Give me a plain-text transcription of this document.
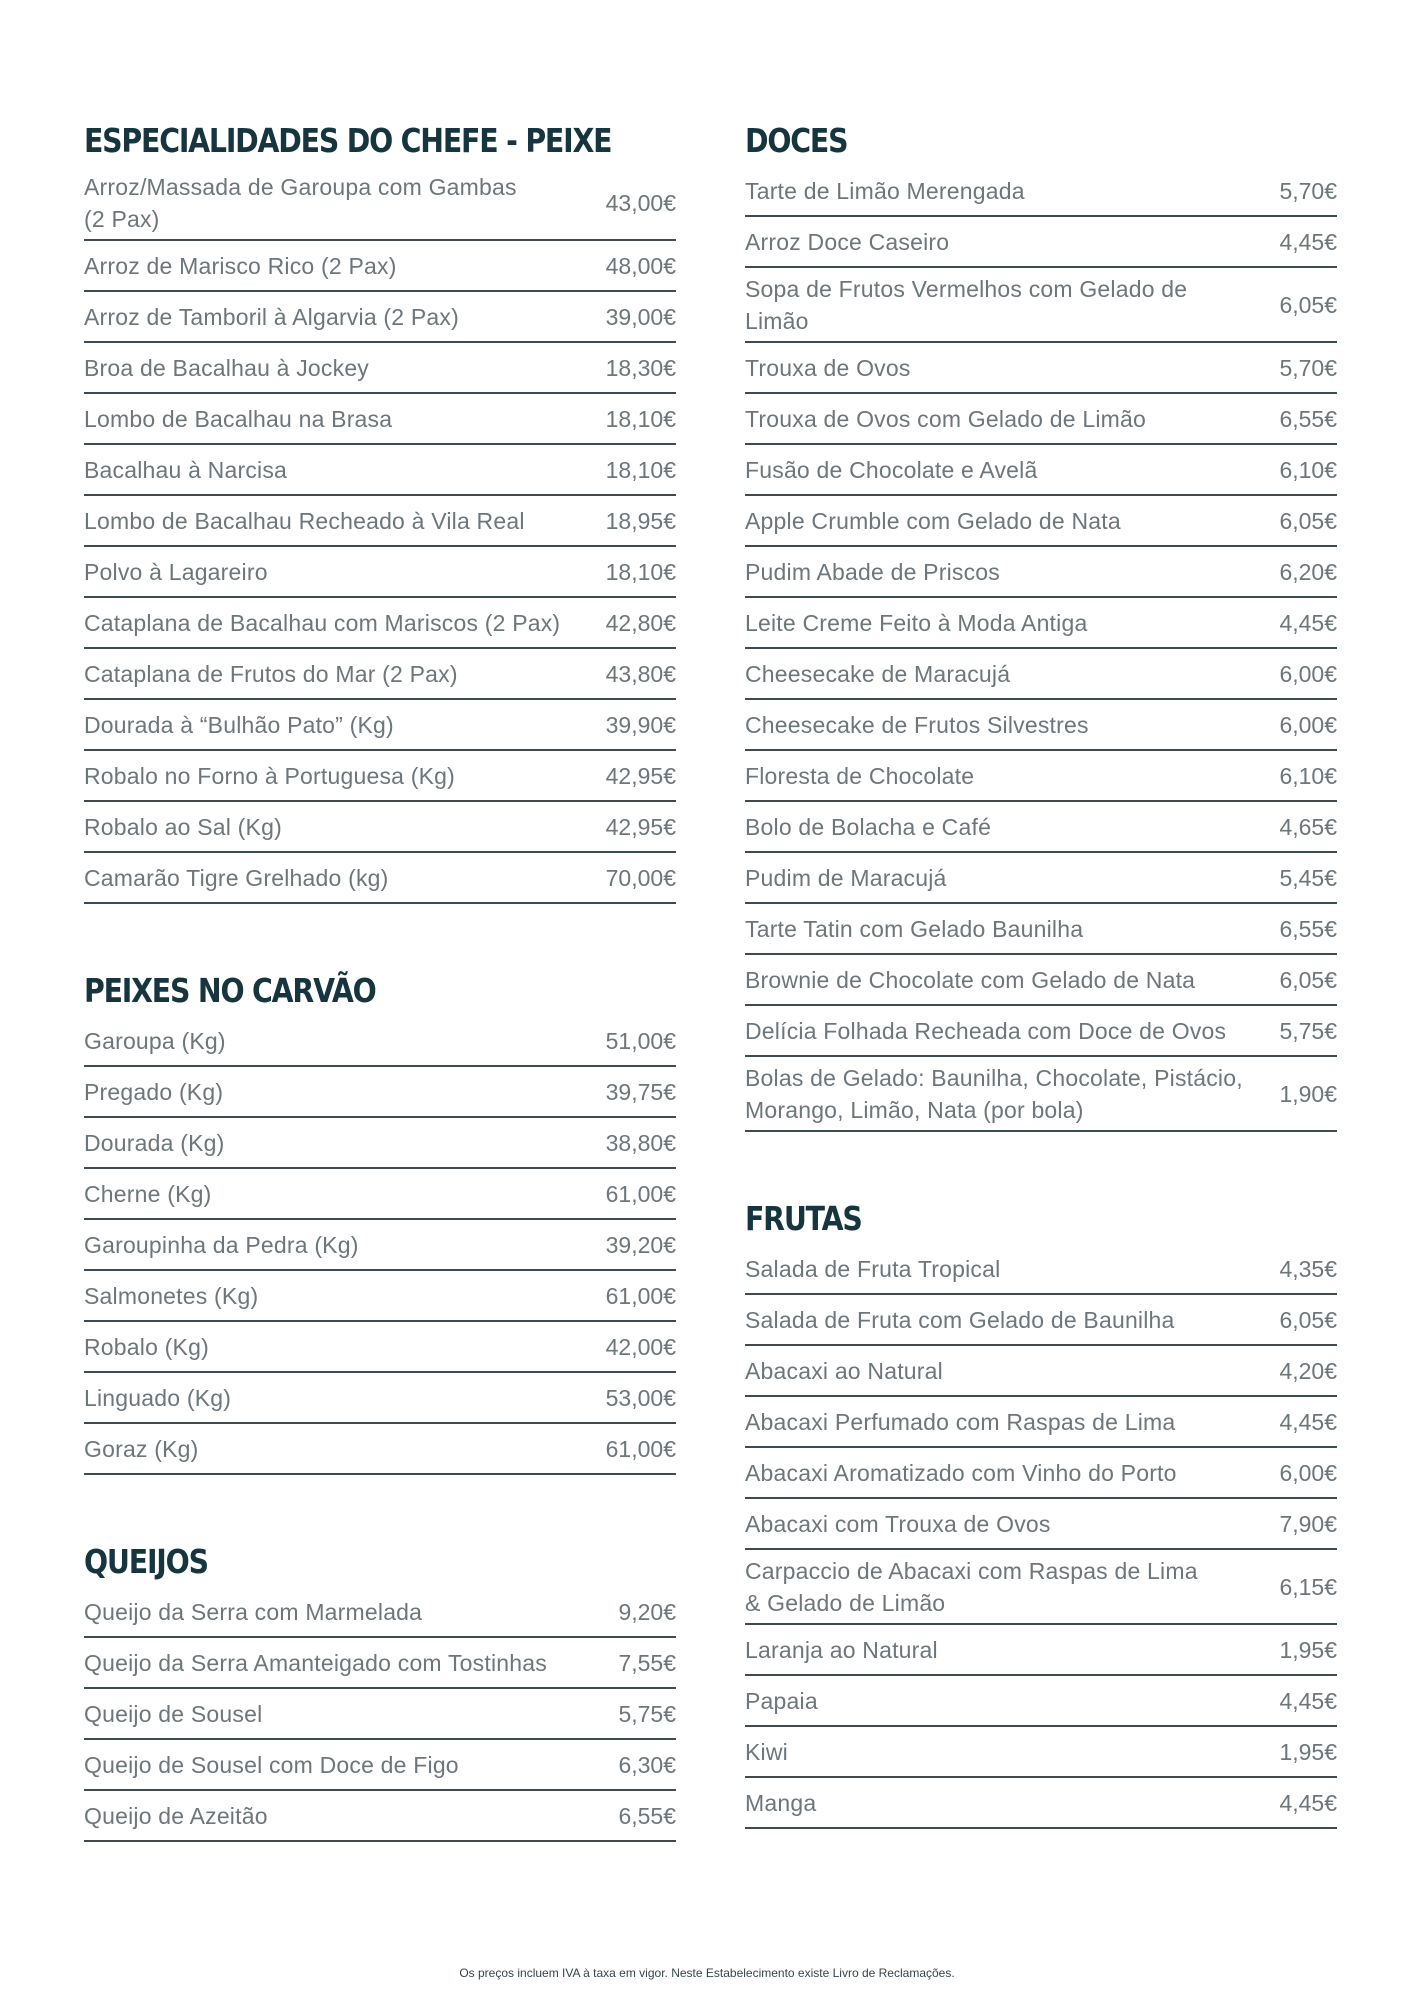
ESPECIALIDADES DO CHEFE - PEIXE
Arroz/Massada de Garoupa com Gambas
(2 Pax)
43,00€
Arroz de Marisco Rico (2 Pax)	48,00€
Arroz de Tamboril à Algarvia (2 Pax)	39,00€
Broa de Bacalhau à Jockey	18,30€
Lombo de Bacalhau na Brasa	18,10€
Bacalhau à Narcisa	18,10€
Lombo de Bacalhau Recheado à Vila Real	18,95€
Polvo à Lagareiro	18,10€
Cataplana de Bacalhau com Mariscos (2 Pax) 42,80€
Cataplana de Frutos do Mar (2 Pax)	43,80€
Dourada à “Bulhão Pato” (Kg)	39,90€
Robalo no Forno à Portuguesa (Kg)	42,95€
Robalo ao Sal (Kg)	42,95€
Camarão Tigre Grelhado (kg)	70,00€
PEIXES NO CARVÃO
Garoupa (Kg)	51,00€
Pregado (Kg)	39,75€
Dourada (Kg)	38,80€
Cherne (Kg)	61,00€
Garoupinha da Pedra (Kg)	39,20€
Salmonetes (Kg)	61,00€
Robalo (Kg)	42,00€
Linguado (Kg)	53,00€
Goraz (Kg)	61,00€
QUEIJOS
Queijo da Serra com Marmelada	9,20€
Queijo da Serra Amanteigado com Tostinhas	7,55€
Queijo de Sousel	5,75€
Queijo de Sousel com Doce de Figo	6,30€
Queijo de Azeitão	6,55€
DOCES
Tarte de Limão Merengada	5,70€
Arroz Doce Caseiro	4,45€
Sopa de Frutos Vermelhos com Gelado de Limão
6,05€
Trouxa de Ovos	5,70€
Trouxa de Ovos com Gelado de Limão	6,55€
Fusão de Chocolate e Avelã	6,10€
Apple Crumble com Gelado de Nata	6,05€
Pudim Abade de Priscos	6,20€
Leite Creme Feito à Moda Antiga	4,45€
Cheesecake de Maracujá	6,00€
Cheesecake de Frutos Silvestres	6,00€
Floresta de Chocolate	6,10€
Bolo de Bolacha e Café	4,65€
Pudim de Maracujá	5,45€
Tarte Tatin com Gelado Baunilha	6,55€
Brownie de Chocolate com Gelado de Nata	6,05€
Delícia Folhada Recheada com Doce de Ovos 5,75€
Bolas de Gelado: Baunilha, Chocolate, Pistácio,
Morango, Limão, Nata (por bola)
1,90€
FRUTAS
Salada de Fruta Tropical	4,35€
Salada de Fruta com Gelado de Baunilha	6,05€
Abacaxi ao Natural	4,20€
Abacaxi Perfumado com Raspas de Lima	4,45€
Abacaxi Aromatizado com Vinho do Porto	6,00€
Abacaxi com Trouxa de Ovos	7,90€
Carpaccio de Abacaxi com Raspas de Lima
& Gelado de Limão
6,15€
Laranja ao Natural	1,95€
Papaia	4,45€
Kiwi	1,95€
Manga	4,45€
Os preços incluem IVA à taxa em vigor. Neste Estabelecimento existe Livro de Reclamações.
